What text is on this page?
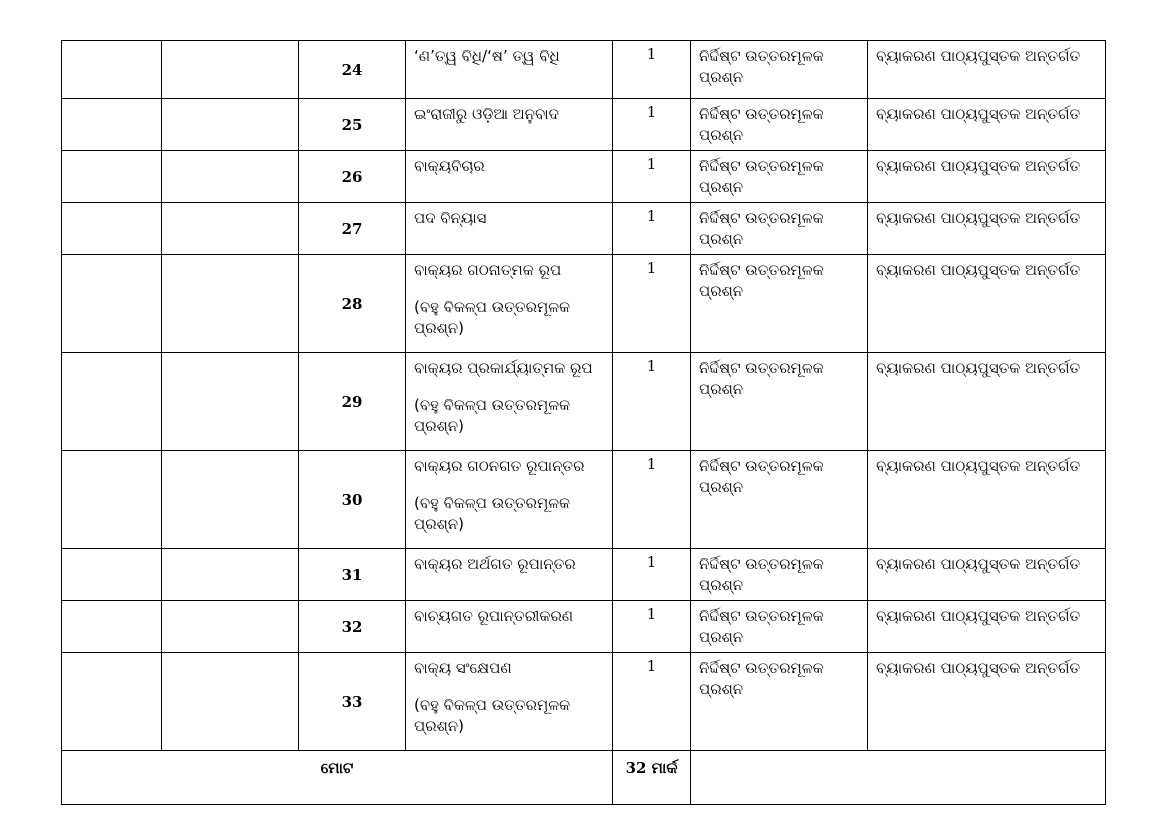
		24	‘ଣ’ତ୍ୱ ବିଧି/‘ଷ’ ତ୍ୱ ବିଧି	1	ନିର୍ଦ୍ଦିଷ୍ଟ ଉତ୍ତରମୂଳକ ପ୍ରଶ୍ନ	ବ୍ୟାକରଣ ପାଠ୍ୟପୁସ୍ତକ ଅନ୍ତର୍ଗତ
		25	ଇଂରାଜୀରୁ ଓଡ଼ିଆ ଅନୁବାଦ	1	ନିର୍ଦ୍ଦିଷ୍ଟ ଉତ୍ତରମୂଳକ ପ୍ରଶ୍ନ	ବ୍ୟାକରଣ ପାଠ୍ୟପୁସ୍ତକ ଅନ୍ତର୍ଗତ
		26	ବାକ୍ୟବିଚାର	1	ନିର୍ଦ୍ଦିଷ୍ଟ ଉତ୍ତରମୂଳକ ପ୍ରଶ୍ନ	ବ୍ୟାକରଣ ପାଠ୍ୟପୁସ୍ତକ ଅନ୍ତର୍ଗତ
		27	ପଦ ବିନ୍ୟାସ	1	ନିର୍ଦ୍ଦିଷ୍ଟ ଉତ୍ତରମୂଳକ ପ୍ରଶ୍ନ	ବ୍ୟାକରଣ ପାଠ୍ୟପୁସ୍ତକ ଅନ୍ତର୍ଗତ
		28	ବାକ୍ୟର ଗଠନାତ୍ମକ ରୂପ
(ବହୁ ବିକଳ୍ପ ଉତ୍ତରମୂଳକ ପ୍ରଶ୍ନ)	1	ନିର୍ଦ୍ଦିଷ୍ଟ ଉତ୍ତରମୂଳକ ପ୍ରଶ୍ନ	ବ୍ୟାକରଣ ପାଠ୍ୟପୁସ୍ତକ ଅନ୍ତର୍ଗତ
		29	ବାକ୍ୟର ପ୍ରକାର୍ଯ୍ୟାତ୍ମକ ରୂପ
(ବହୁ ବିକଳ୍ପ ଉତ୍ତରମୂଳକ ପ୍ରଶ୍ନ)	1	ନିର୍ଦ୍ଦିଷ୍ଟ ଉତ୍ତରମୂଳକ ପ୍ରଶ୍ନ	ବ୍ୟାକରଣ ପାଠ୍ୟପୁସ୍ତକ ଅନ୍ତର୍ଗତ
		30	ବାକ୍ୟର ଗଠନଗତ ରୂପାନ୍ତର
(ବହୁ ବିକଳ୍ପ ଉତ୍ତରମୂଳକ ପ୍ରଶ୍ନ)	1	ନିର୍ଦ୍ଦିଷ୍ଟ ଉତ୍ତରମୂଳକ ପ୍ରଶ୍ନ	ବ୍ୟାକରଣ ପାଠ୍ୟପୁସ୍ତକ ଅନ୍ତର୍ଗତ
		31	ବାକ୍ୟର ଅର୍ଥଗତ ରୂପାନ୍ତର	1	ନିର୍ଦ୍ଦିଷ୍ଟ ଉତ୍ତରମୂଳକ ପ୍ରଶ୍ନ	ବ୍ୟାକରଣ ପାଠ୍ୟପୁସ୍ତକ ଅନ୍ତର୍ଗତ
		32	ବାଚ୍ୟଗତ ରୂପାନ୍ତରୀକରଣ	1	ନିର୍ଦ୍ଦିଷ୍ଟ ଉତ୍ତରମୂଳକ ପ୍ରଶ୍ନ	ବ୍ୟାକରଣ ପାଠ୍ୟପୁସ୍ତକ ଅନ୍ତର୍ଗତ
		33	ବାକ୍ୟ ସଂକ୍ଷେପଣ
(ବହୁ ବିକଳ୍ପ ଉତ୍ତରମୂଳକ ପ୍ରଶ୍ନ)	1	ନିର୍ଦ୍ଦିଷ୍ଟ ଉତ୍ତରମୂଳକ ପ୍ରଶ୍ନ	ବ୍ୟାକରଣ ପାଠ୍ୟପୁସ୍ତକ ଅନ୍ତର୍ଗତ
ମୋଟ				32 ମାର୍କ		
